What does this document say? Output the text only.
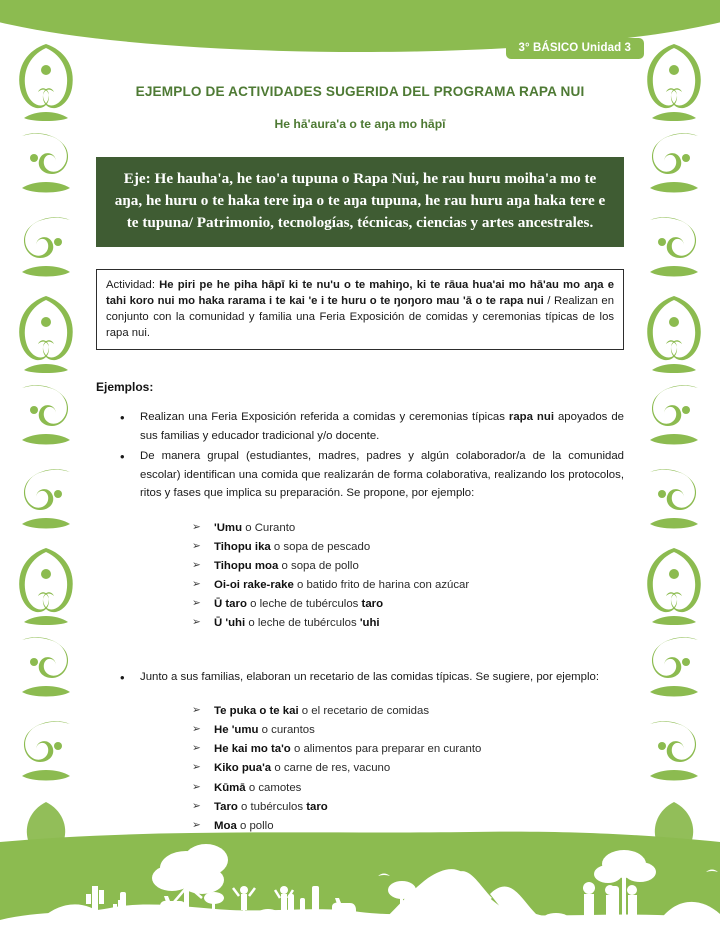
3° BÁSICO Unidad 3
EJEMPLO DE ACTIVIDADES SUGERIDA DEL PROGRAMA RAPA NUI
He hā'aura'a o te aŋa mo hāpī
Eje: He hauha'a, he tao'a tupuna o Rapa Nui, he rau huru moiha'a mo te aŋa, he huru o te haka tere iŋa o te aŋa tupuna, he rau huru aŋa haka tere e te tupuna/ Patrimonio, tecnologías, técnicas, ciencias y artes ancestrales.
Actividad: He piri pe he piha hāpī ki te nu'u o te mahiŋo, ki te rāua hua'ai mo hā'au mo aŋa e tahi koro nui mo haka rarama i te kai 'e i te huru o te ŋoŋoro mau 'ā o te rapa nui / Realizan en conjunto con la comunidad y familia una Feria Exposición de comidas y ceremonias típicas de los rapa nui.
Ejemplos:
• Realizan una Feria Exposición referida a comidas y ceremonias típicas rapa nui apoyados de sus familias y educador tradicional y/o docente.
• De manera grupal (estudiantes, madres, padres y algún colaborador/a de la comunidad escolar) identifican una comida que realizarán de forma colaborativa, realizando los protocolos, ritos y fases que implica su preparación. Se propone, por ejemplo:
➢ 'Umu o Curanto
➢ Tihopu ika o sopa de pescado
➢ Tihopu moa o sopa de pollo
➢ Oi-oi rake-rake o batido frito de harina con azúcar
➢ Ū taro o leche de tubérculos taro
➢ Ū 'uhi o leche de tubérculos 'uhi
• Junto a sus familias, elaboran un recetario de las comidas típicas. Se sugiere, por ejemplo:
➢ Te puka o te kai o el recetario de comidas
➢ He 'umu o curantos
➢ He kai mo ta'o o alimentos para preparar en curanto
➢ Kiko pua'a o carne de res, vacuno
➢ Kūmā o camotes
➢ Taro o tubérculos taro
➢ Moa o pollo
